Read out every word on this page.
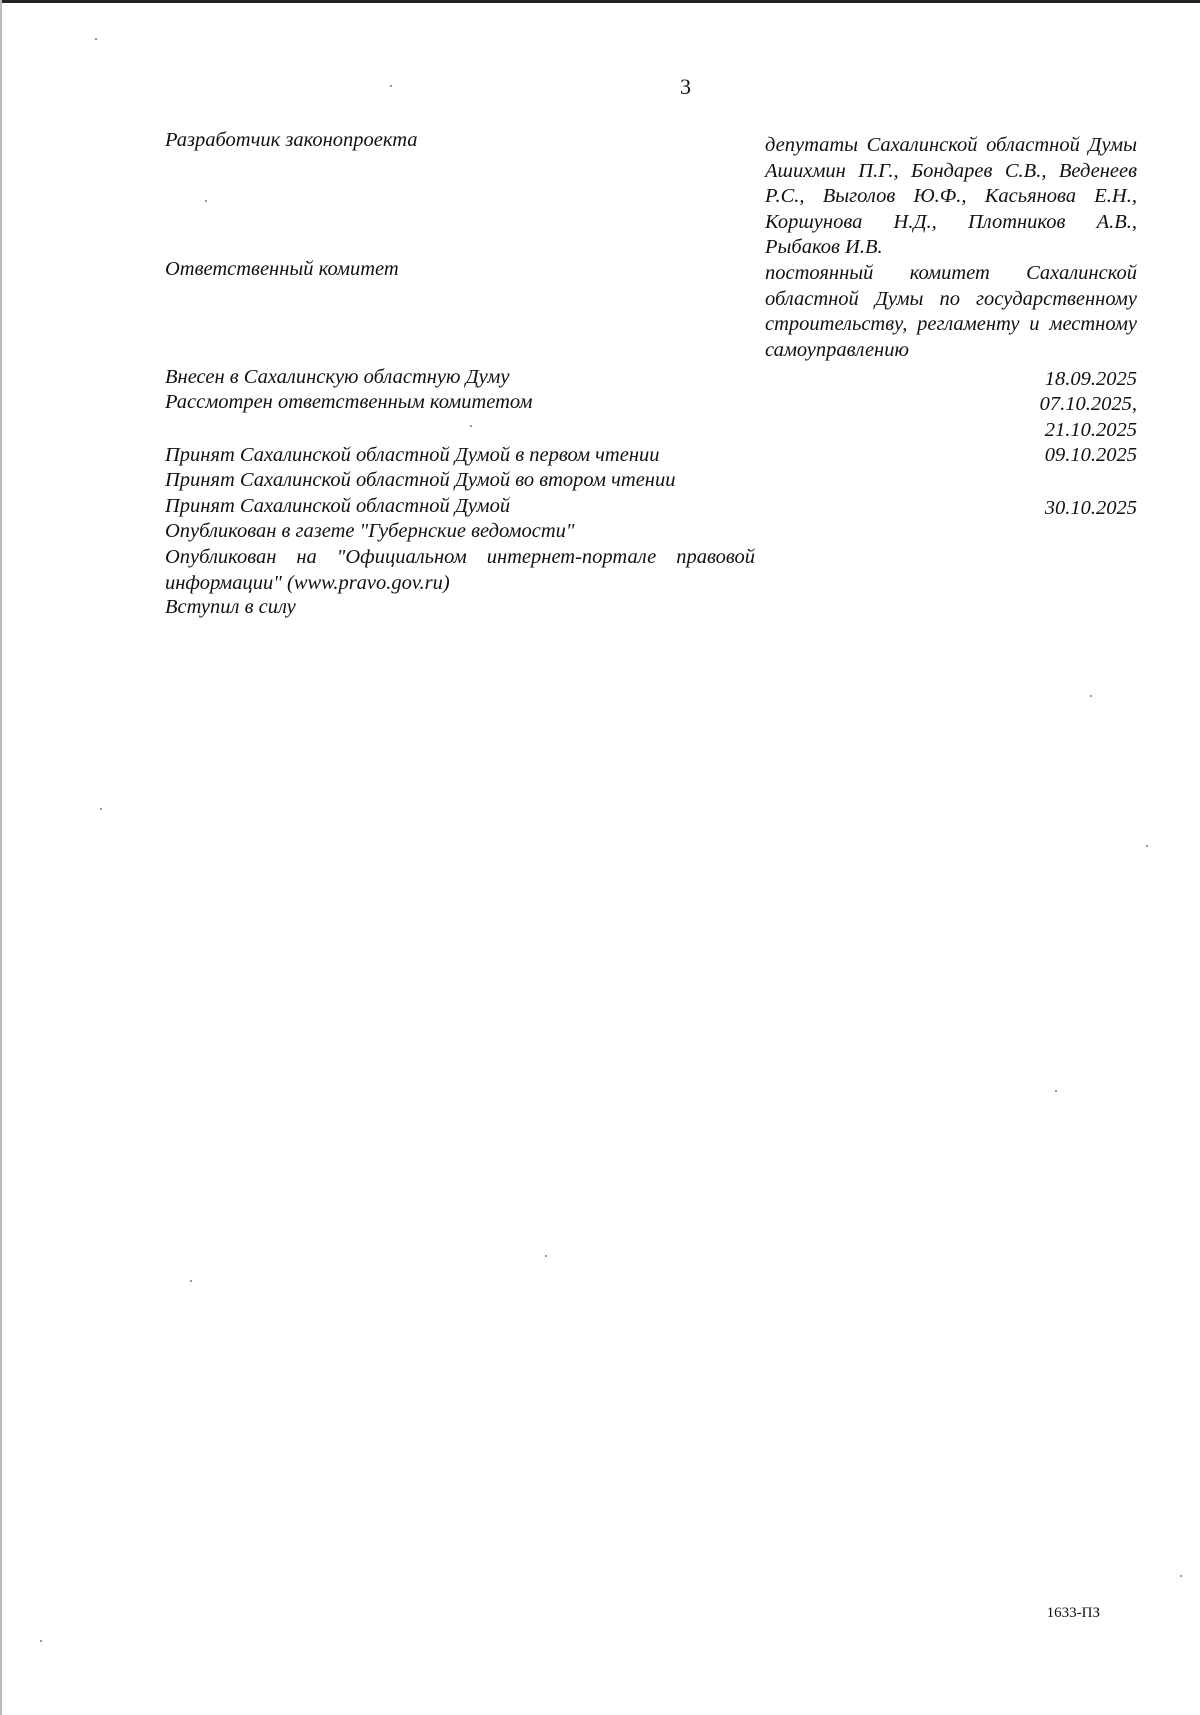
3
Разработчик законопроекта	депутаты Сахалинской областной Думы Ашихмин П.Г., Бондарев С.В., Веденеев Р.С., Выголов Ю.Ф., Касьянова Е.Н., Коршунова Н.Д., Плотников А.В., Рыбаков И.В.
Ответственный комитет	постоянный комитет Сахалинской областной Думы по государственному строительству, регламенту и местному самоуправлению
Внесен в Сахалинскую областную Думу	18.09.2025
Рассмотрен ответственным комитетом	07.10.2025,
21.10.2025
Принят Сахалинской областной Думой в первом чтении	09.10.2025
Принят Сахалинской областной Думой во втором чтении
Принят Сахалинской областной Думой	30.10.2025
Опубликован в газете "Губернские ведомости"
Опубликован на "Официальном интернет-портале правовой информации" (www.pravo.gov.ru)
Вступил в силу
1633-ПЗ
